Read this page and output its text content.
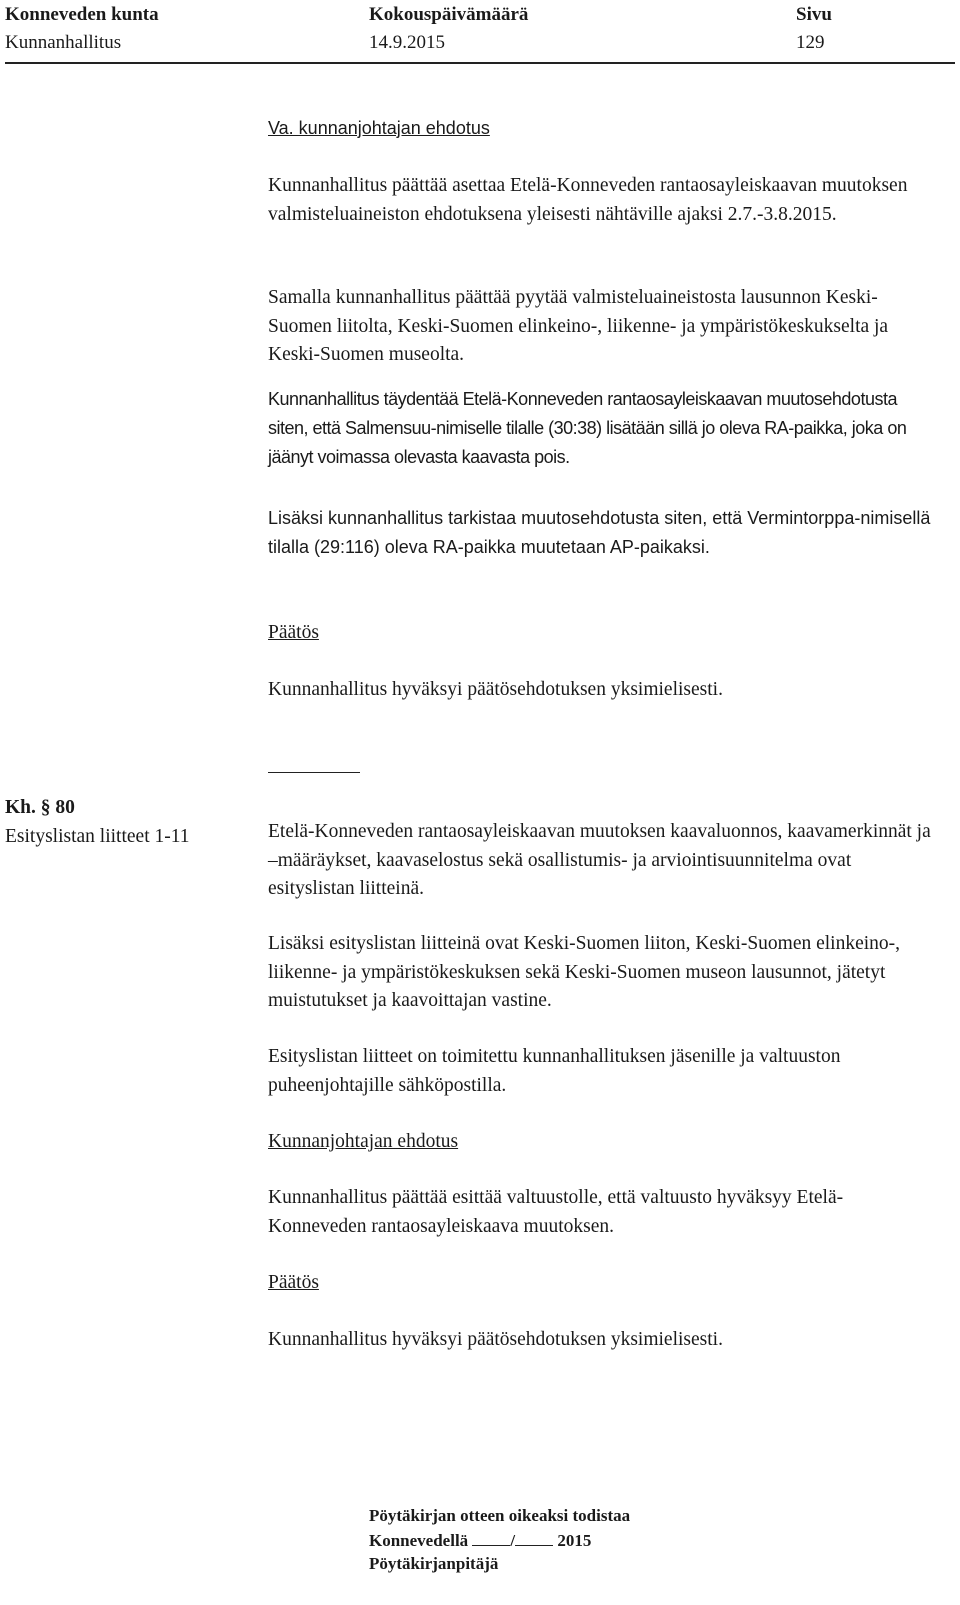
Konneveden kunta
Kunnanhallitus
Kokouspäivämäärä
14.9.2015
Sivu
129

Va. kunnanjohtajan ehdotus

Kunnanhallitus päättää asettaa Etelä-Konneveden rantaosayleiskaavan muutoksen valmisteluaineiston ehdotuksena yleisesti nähtäville ajaksi 2.7.-3.8.2015.

Samalla kunnanhallitus päättää pyytää valmisteluaineistosta lausunnon Keski-Suomen liitolta, Keski-Suomen elinkeino-, liikenne- ja ympäristökeskukselta ja Keski-Suomen museolta.

Kunnanhallitus täydentää Etelä-Konneveden rantaosayleiskaavan muutosehdotusta siten, että Salmensuu-nimiselle tilalle (30:38) lisätään sillä jo oleva RA-paikka, joka on jäänyt voimassa olevasta kaavasta pois.

Lisäksi kunnanhallitus tarkistaa muutosehdotusta siten, että Vermintorppa-nimisellä tilalla (29:116) oleva RA-paikka muutetaan AP-paikaksi.

Päätös

Kunnanhallitus hyväksyi päätösehdotuksen yksimielisesti.

Kh. § 80
Esityslistan liitteet 1-11	Etelä-Konneveden rantaosayleiskaavan muutoksen kaavaluonnos, kaavamerkinnät ja –määräykset, kaavaselostus sekä osallistumis- ja arviointisuunnitelma ovat esityslistan liitteinä.

Lisäksi esityslistan liitteinä ovat Keski-Suomen liiton, Keski-Suomen elinkeino-, liikenne- ja ympäristökeskuksen sekä Keski-Suomen museon lausunnot, jätetyt muistutukset ja kaavoittajan vastine.

Esityslistan liitteet on toimitettu kunnanhallituksen jäsenille ja valtuuston puheenjohtajille sähköpostilla.

Kunnanjohtajan ehdotus

Kunnanhallitus päättää esittää valtuustolle, että valtuusto hyväksyy Etelä-Konneveden rantaosayleiskaava muutoksen.

Päätös

Kunnanhallitus hyväksyi päätösehdotuksen yksimielisesti.

Pöytäkirjan otteen oikeaksi todistaa
Konnevedellä / 2015
Pöytäkirjanpitäjä
